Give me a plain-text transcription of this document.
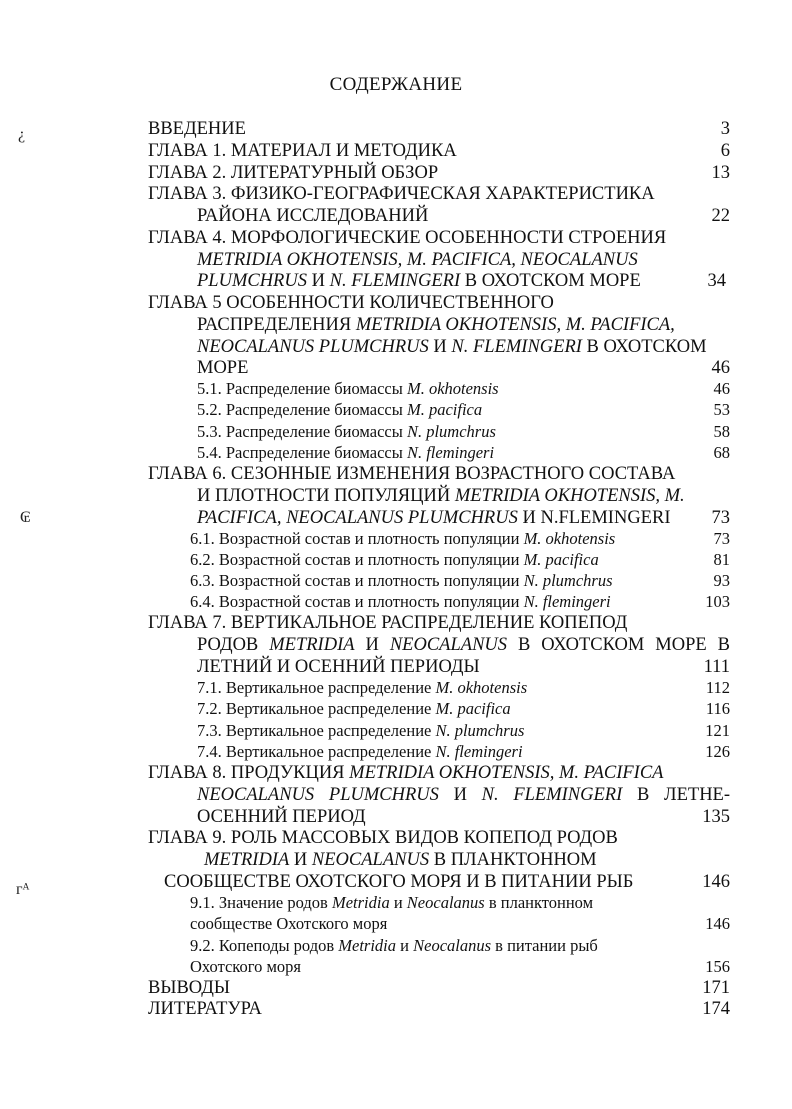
СОДЕРЖАНИЕ
¿
₢
ᴦᴬ
ВВЕДЕНИЕ	3
ГЛАВА 1. МАТЕРИАЛ И МЕТОДИКА	6
ГЛАВА 2. ЛИТЕРАТУРНЫЙ ОБЗОР	13
ГЛАВА 3. ФИЗИКО-ГЕОГРАФИЧЕСКАЯ ХАРАКТЕРИСТИКА
РАЙОНА ИССЛЕДОВАНИЙ	22
ГЛАВА 4. МОРФОЛОГИЧЕСКИЕ ОСОБЕННОСТИ СТРОЕНИЯ
METRIDIA OKHOTENSIS, M. PACIFICA, NEOCALANUS
PLUMCHRUS И N. FLEMINGERI В ОХОТСКОМ МОРЕ	34
ГЛАВА 5 ОСОБЕННОСТИ КОЛИЧЕСТВЕННОГО
РАСПРЕДЕЛЕНИЯ METRIDIA OKHOTENSIS, M. PACIFICA,
NEOCALANUS PLUMCHRUS И N. FLEMINGERI В ОХОТСКОМ
МОРЕ	46
5.1. Распределение биомассы M. okhotensis	46
5.2. Распределение биомассы M. pacifica	53
5.3. Распределение биомассы N. plumchrus	58
5.4. Распределение биомассы N. flemingeri	68
ГЛАВА 6. СЕЗОННЫЕ ИЗМЕНЕНИЯ ВОЗРАСТНОГО СОСТАВА
И ПЛОТНОСТИ ПОПУЛЯЦИЙ METRIDIA OKHOTENSIS, M.
PACIFICA, NEOCALANUS PLUMCHRUS И N.FLEMINGERI 73
6.1. Возрастной состав и плотность популяции M. okhotensis	73
6.2. Возрастной состав и плотность популяции M. pacifica	81
6.3. Возрастной состав и плотность популяции N. plumchrus	93
6.4. Возрастной состав и плотность популяции N. flemingeri	103
ГЛАВА 7. ВЕРТИКАЛЬНОЕ РАСПРЕДЕЛЕНИЕ КОПЕПОД
РОДОВ METRIDIA И NEOCALANUS В ОХОТСКОМ МОРЕ В
ЛЕТНИЙ И ОСЕННИЙ ПЕРИОДЫ	111
7.1. Вертикальное распределение M. okhotensis	112
7.2. Вертикальное распределение M. pacifica	116
7.3. Вертикальное распределение N. plumchrus	121
7.4. Вертикальное распределение N. flemingeri	126
ГЛАВА 8. ПРОДУКЦИЯ METRIDIA OKHOTENSIS, M. PACIFICA
NEOCALANUS PLUMCHRUS И N. FLEMINGERI В ЛЕТНЕ-
ОСЕННИЙ ПЕРИОД	135
ГЛАВА 9. РОЛЬ МАССОВЫХ ВИДОВ КОПЕПОД РОДОВ
METRIDIA И NEOCALANUS В ПЛАНКТОННОМ
СООБЩЕСТВЕ ОХОТСКОГО МОРЯ И В ПИТАНИИ РЫБ	146
9.1. Значение родов Metridia и Neocalanus в планктонном
сообществе Охотского моря	146
9.2. Копеподы родов Metridia и Neocalanus в питании рыб
Охотского моря	156
ВЫВОДЫ	171
ЛИТЕРАТУРА	174
